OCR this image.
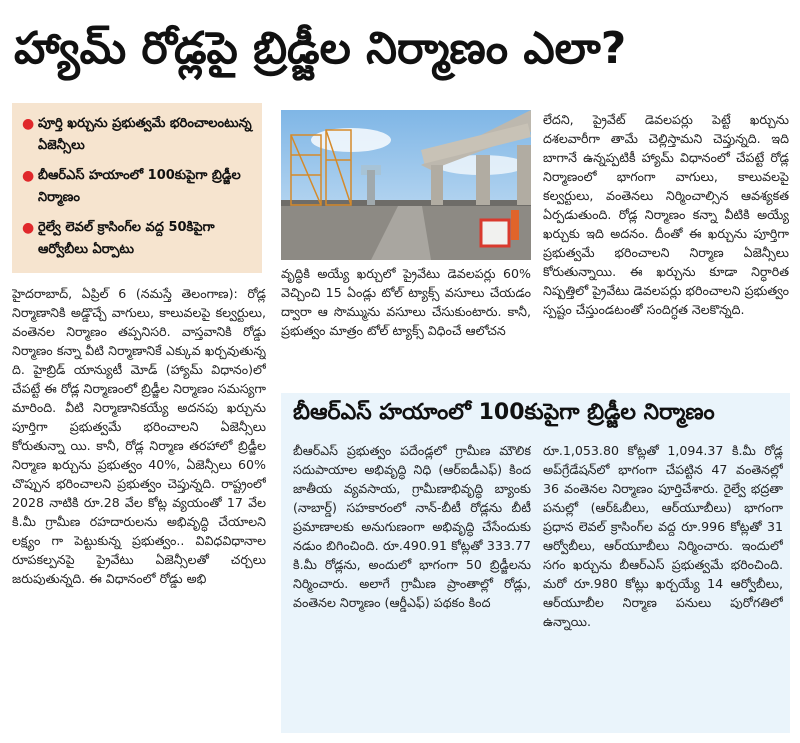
హ్యామ్ రోడ్లపై బ్రిడ్జీల నిర్మాణం ఎలా?
● పూర్తి ఖర్చును ప్రభుత్వమే భరించాలంటున్న ఏజెన్సీలు
● బీఆర్ఎస్ హయాంలో 100కుపైగా బ్రిడ్జీల నిర్మాణం
● రైల్వే లెవల్ క్రాసింగ్‌ల వద్ద 50కిపైగా ఆర్వోబీలు ఏర్పాటు
హైదరాబాద్, ఏప్రిల్ 6 (నమస్తే తెలంగాణ): రోడ్ల నిర్మాణానికి అడ్డొచ్చే వాగులు, కాలువలపై కల్వర్టులు, వంతెనల నిర్మాణం తప్పనిసరి. వాస్తవానికి రోడ్డు నిర్మాణం కన్నా వీటి నిర్మాణానికే ఎక్కువ ఖర్చవుతున్న ది. హైబ్రిడ్ యాన్యుటీ మోడ్ (హ్యామ్ విధానం)లో చేపట్టే ఈ రోడ్ల నిర్మాణంలో బ్రిడ్జీల నిర్మాణం సమస్యగా మారింది. వీటి నిర్మాణానికయ్యే అదనపు ఖర్చును పూర్తిగా ప్రభుత్వమే భరించాలని ఏజెన్సీలు కోరుతున్నా యి. కానీ, రోడ్ల నిర్మాణ తరహాలో బ్రిడ్జీల నిర్మాణ ఖర్చును ప్రభుత్వం 40%, ఏజెన్సీలు 60% చొప్పున భరించాలని ప్రభుత్వం చెప్తున్నది. రాష్ట్రంలో 2028 నాటికి రూ.28 వేల కోట్ల వ్యయంతో 17 వేల కి.మీ గ్రామీణ రహదారులను అభివృద్ధి చేయాలని లక్ష్యం గా పెట్టుకున్న ప్రభుత్వం.. వివిధవిధానాల రూపకల్పనపై ప్రైవేటు ఏజెన్సీలతో చర్చలు జరుపుతున్నది. ఈ విధానంలో రోడ్డు అభి
వృద్ధికి అయ్యే ఖర్చులో ప్రైవేటు డెవలపర్లు 60% వెచ్చించి 15 ఏండ్లు టోల్ ట్యాక్స్ వసూలు చేయడం ద్వారా ఆ సొమ్మును వసూలు చేసుకుంటారు. కానీ, ప్రభుత్వం మాత్రం టోల్ ట్యాక్స్ విధించే ఆలోచన
లేదని, ప్రైవేట్ డెవలపర్లు పెట్టే ఖర్చును దశలవారీగా తామే చెల్లిస్తామని చెప్తున్నది. ఇది బాగానే ఉన్నప్పటికీ హ్యామ్ విధానంలో చేపట్టే రోడ్ల నిర్మాణంలో భాగంగా వాగులు, కాలువలపై కల్వర్టులు, వంతెనలు నిర్మించాల్సిన ఆవశ్యకత ఏర్పడుతుంది. రోడ్ల నిర్మాణం కన్నా వీటికి అయ్యే ఖర్చుకు ఇది అదనం. దీంతో ఈ ఖర్చును పూర్తిగా ప్రభుత్వమే భరించాలని నిర్మాణ ఏజెన్సీలు కోరుతున్నాయి. ఈ ఖర్చును కూడా నిర్ధారిత నిష్పత్తిలో ప్రైవేటు డెవలపర్లు భరించాలని ప్రభుత్వం స్పష్టం చేస్తుండటంతో సందిగ్ధత నెలకొన్నది.
బీఆర్ఎస్ హయాంలో 100కుపైగా బ్రిడ్జీల నిర్మాణం
బీఆర్ఎస్ ప్రభుత్వం పదేండ్లలో గ్రామీణ మౌలిక సదుపాయాల అభివృద్ధి నిధి (ఆర్ఐడీఎఫ్) కింద జాతీయ వ్యవసాయ, గ్రామీణాభివృద్ధి బ్యాంకు (నాబార్డ్) సహకారంలో నాన్-బీటీ రోడ్లను బీటీ ప్రమాణాలకు అనుగుణంగా అభివృద్ధి చేసేందుకు నడుం బిగించింది. రూ.490.91 కోట్లతో 333.77 కి.మీ రోడ్లను, అందులో భాగంగా 50 బ్రిడ్జీలను నిర్మించారు. అలాగే గ్రామీణ ప్రాంతాల్లో రోడ్లు, వంతెనల నిర్మాణం (ఆర్డీఎఫ్) పథకం కింద
రూ.1,053.80 కోట్లతో 1,094.37 కి.మీ రోడ్ల అప్‌గ్రేడేషన్‌లో భాగంగా చేపట్టిన 47 వంతెనల్లో 36 వంతెనల నిర్మాణం పూర్తిచేశారు. రైల్వే భద్రతా పనుల్లో (ఆర్‌ఓబీలు, ఆర్‌యూబీలు) భాగంగా ప్రధాన లెవల్ క్రాసింగ్‌ల వద్ద రూ.996 కోట్లతో 31 ఆర్వోబీలు, ఆర్‌యూబీలు నిర్మించారు. ఇందులో సగం ఖర్చును బీఆర్ఎస్ ప్రభుత్వమే భరించింది. మరో రూ.980 కోట్లు ఖర్చయ్యే 14 ఆర్వోబీలు, ఆర్‌యూబీల నిర్మాణ పనులు పురోగతిలో ఉన్నాయి.
